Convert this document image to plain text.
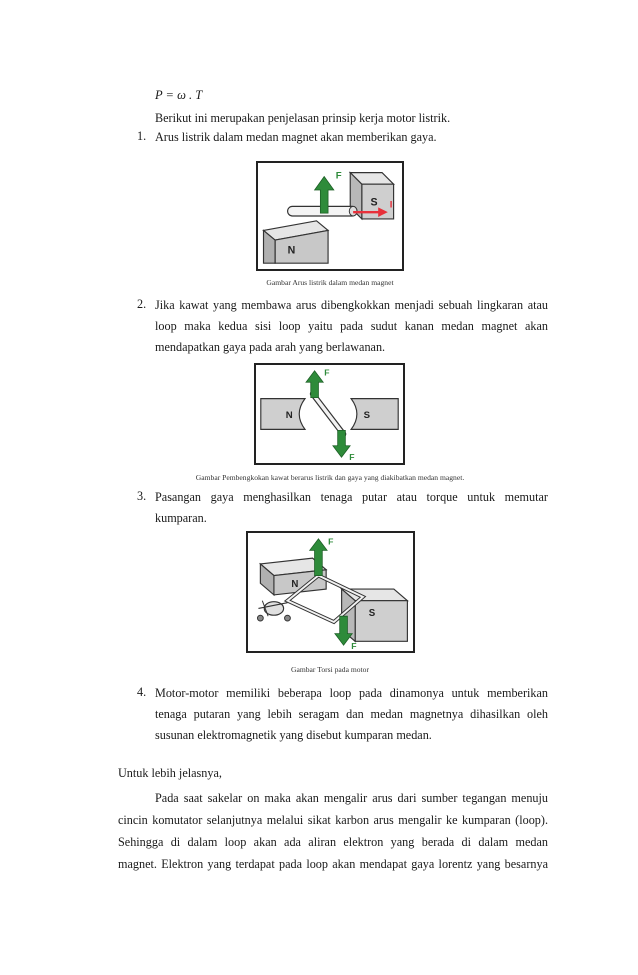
P = ω . T
Berikut ini merupakan penjelasan prinsip kerja motor listrik.
1. Arus listrik dalam medan magnet akan memberikan gaya.
F
I
S
N
Gambar Arus listrik dalam medan magnet
2. Jika kawat yang membawa arus dibengkokkan menjadi sebuah lingkaran atau
loop maka kedua sisi loop yaitu pada sudut kanan medan magnet akan
mendapatkan gaya pada arah yang berlawanan.
F
F
N	S
Gambar Pembengkokan kawat berarus listrik dan gaya yang diakibatkan medan magnet.
3. Pasangan gaya menghasilkan tenaga putar atau torque untuk memutar
kumparan.
F
F
N
S
Gambar Torsi pada motor
4. Motor-motor memiliki beberapa loop pada dinamonya untuk memberikan
tenaga putaran yang lebih seragam dan medan magnetnya dihasilkan oleh
susunan elektromagnetik yang disebut kumparan medan.
Untuk lebih jelasnya,
Pada saat sakelar on maka akan mengalir arus dari sumber tegangan menuju
cincin komutator selanjutnya melalui sikat karbon arus mengalir ke kumparan (loop).
Sehingga di dalam loop akan ada aliran elektron yang berada di dalam medan
magnet. Elektron yang terdapat pada loop akan mendapat gaya lorentz yang besarnya
